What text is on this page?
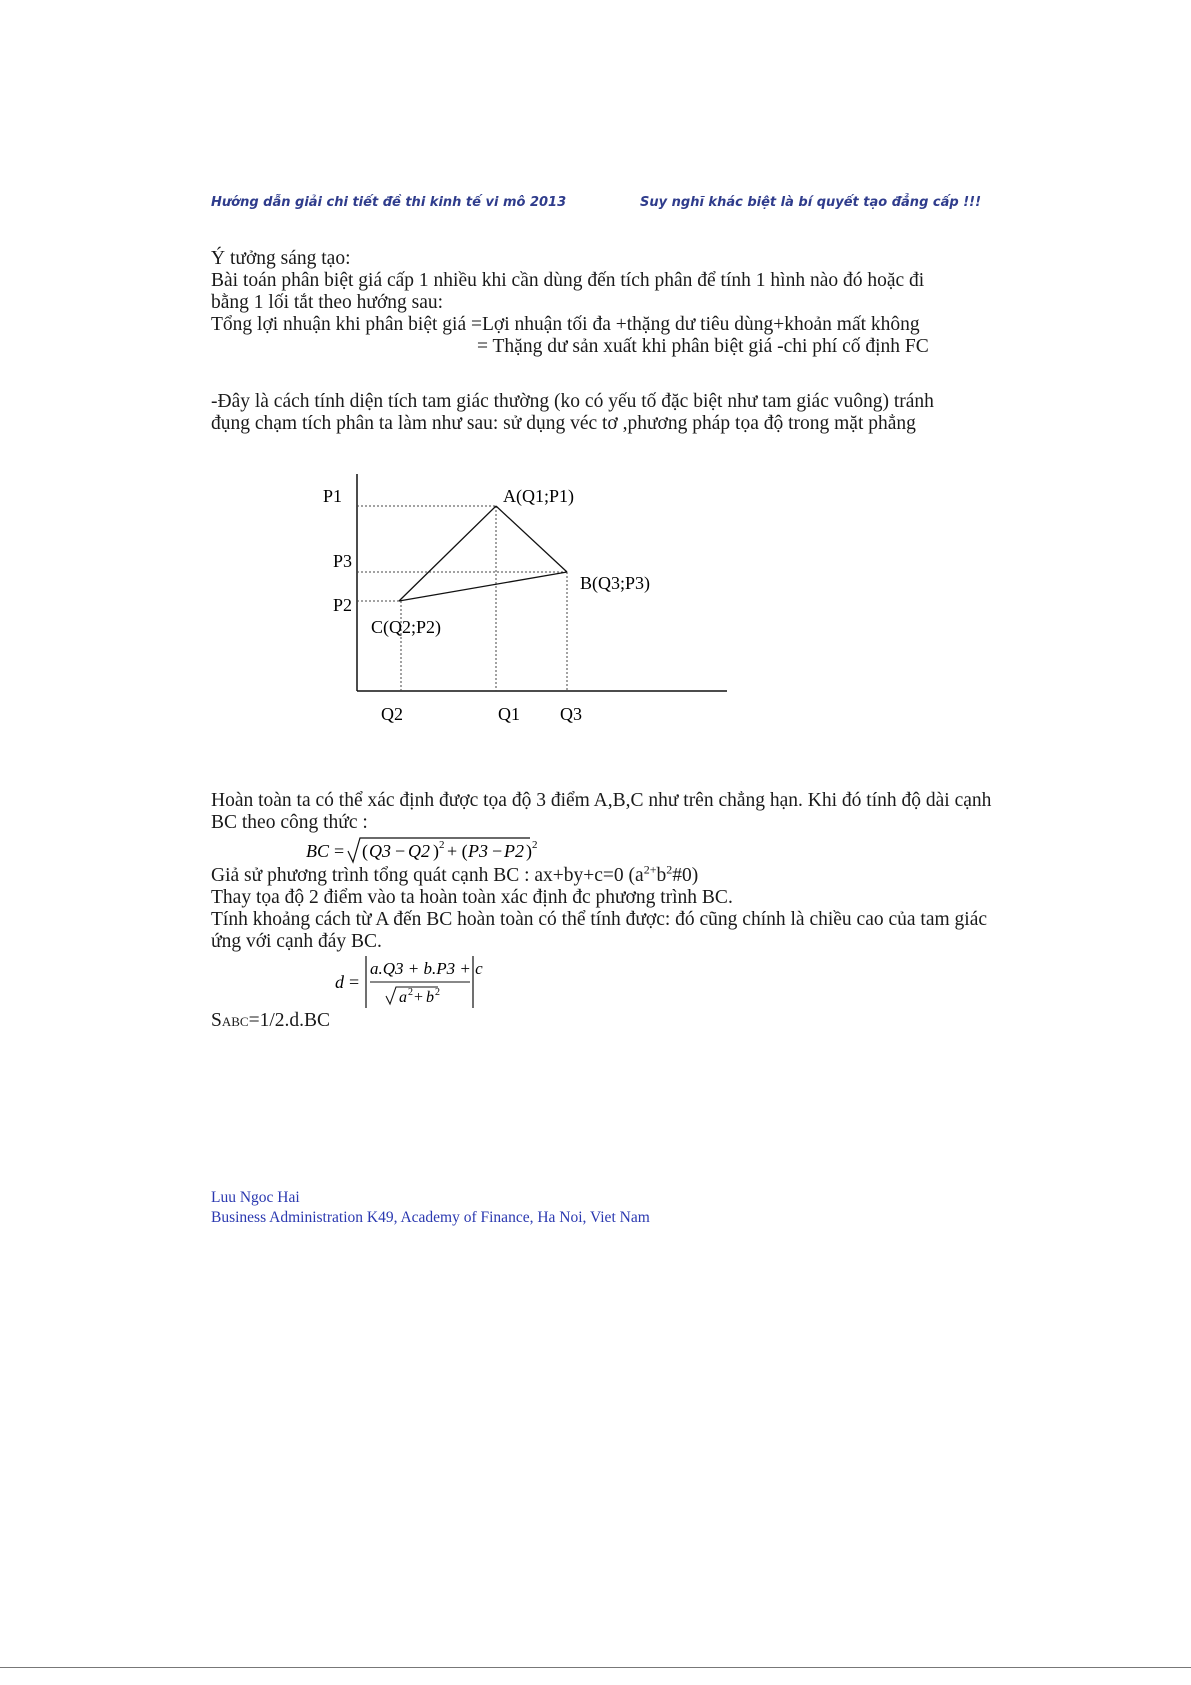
Hướng dẫn giải chi tiết đề thi kinh tế vi mô 2013	Suy nghĩ khác biệt là bí quyết tạo đẳng cấp !!!
Ý tưởng sáng tạo:
Bài toán phân biệt giá cấp 1 nhiều khi cần dùng đến tích phân để tính 1 hình nào đó hoặc đi
bằng 1 lối tắt theo hướng sau:
Tổng lợi nhuận khi phân biệt giá =Lợi nhuận tối đa +thặng dư tiêu dùng+khoản mất không
= Thặng dư sản xuất khi phân biệt giá -chi phí cố định FC
-Đây là cách tính diện tích tam giác thường (ko có yếu tố đặc biệt như tam giác vuông) tránh
đụng chạm tích phân ta làm như sau: sử dụng véc tơ ,phương pháp tọa độ trong mặt phẳng
P1
P3
P2
Q2	Q1 Q3
A(Q1;P1)
B(Q3;P3)
C(Q2;P2)
Hoàn toàn ta có thể xác định được tọa độ 3 điểm A,B,C như trên chẳng hạn. Khi đó tính độ dài cạnh
BC theo công thức :
BC = ( Q3 − Q2 ) 2 + ( P3 − P2 ) 2
Giả sử phương trình tổng quát cạnh BC : ax+by+c=0 $(a^{2+}b^2\#0)$
Thay tọa độ 2 điểm vào ta hoàn toàn xác định đc phương trình BC.
Tính khoảng cách từ A đến BC hoàn toàn có thể tính được: đó cũng chính là chiều cao của tam giác
ứng với cạnh đáy BC.
d =
a.Q3 + b.P3 + c
a 2 + b 2
SABC=1/2.d.BC
Luu Ngoc Hai
Business Administration K49, Academy of Finance, Ha Noi, Viet Nam
